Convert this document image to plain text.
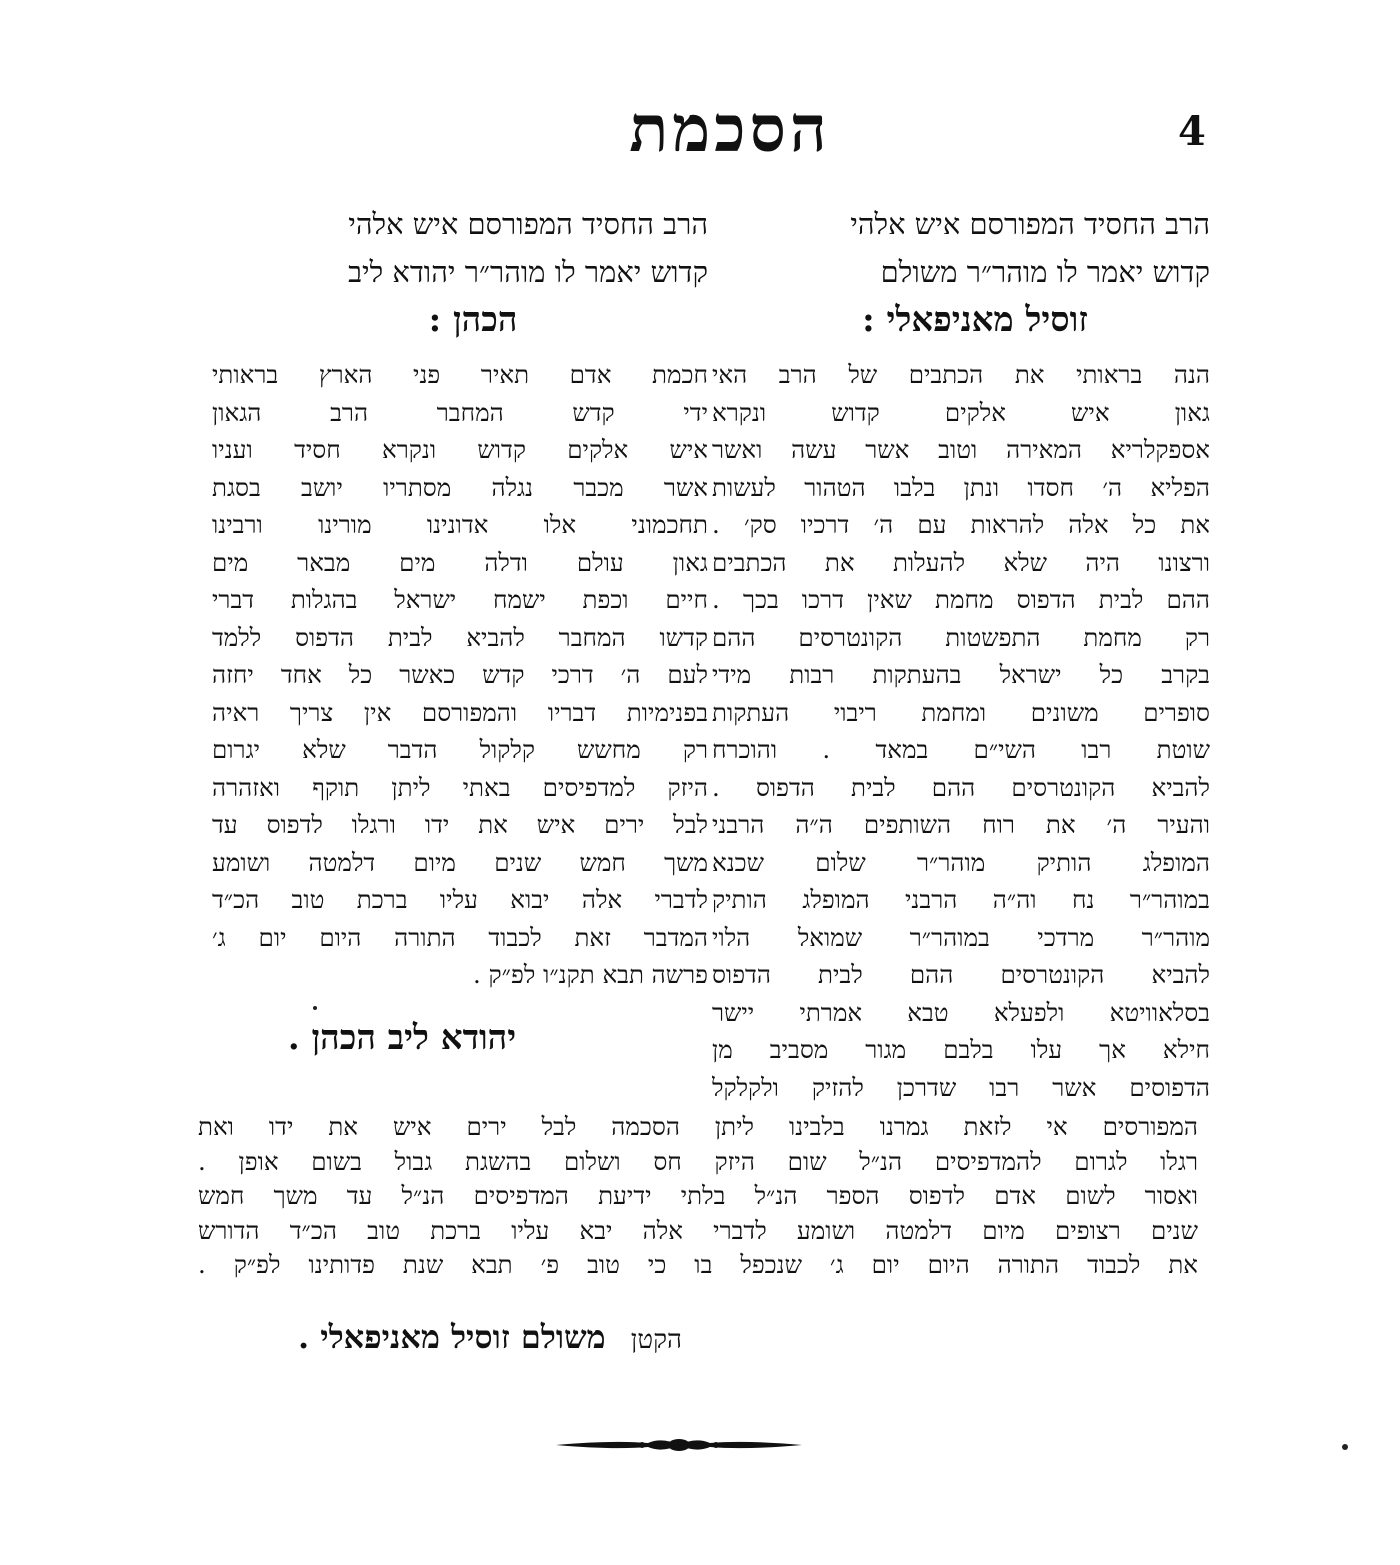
4
הסכמת
הרב החסיד המפורסם איש אלהי
קדוש יאמר לו מוהר״ר משולם
זוסיל מאניפאלי :
הרב החסיד המפורסם איש אלהי
קדוש יאמר לו מוהר״ר יהודא ליב
הכהן :
הנה בראותי את הכתבים של הרב האי
גאון איש אלקים קדוש ונקרא
אספקלריא המאירה וטוב אשר עשה ואשר
הפליא ה׳ חסדו ונתן בלבו הטהור לעשות
את כל אלה להראות עם ה׳ דרכיו סק׳ .
ורצונו היה שלא להעלות את הכתבים
ההם לבית הדפוס מחמת שאין דרכו בכך .
רק מחמת התפשטות הקונטרסים ההם
בקרב כל ישראל בהעתקות רבות מידי
סופרים משונים ומחמת ריבוי העתקות
שוטת רבו השי״ם במאד . והוכרח
להביא הקונטרסים ההם לבית הדפוס .
והעיר ה׳ את רוח השותפים ה״ה הרבני
המופלג הותיק מוהר״ר שלום שכנא
במוהר״ר נח וה״ה הרבני המופלג הותיק
מוהר״ר מרדכי במוהר״ר שמואל הלוי
להביא הקונטרסים ההם לבית הדפוס
בסלאוויטא ולפעלא טבא אמרתי יישר
חילא אך עלו בלבם מגור מסביב מן
הדפוסים אשר רבו שדרכן להזיק ולקלקל
חכמת אדם תאיר פני הארץ בראותי
ידי קדש המחבר הרב הגאון
איש אלקים קדוש ונקרא חסיד ועניו
אשר מכבר נגלה מסתריו יושב בסגת
תחכמוני אלו אדונינו מורינו ורבינו
גאון עולם ודלה מים מבאר מים
חיים וכפת ישמח ישראל בהגלות דברי
קדשו המחבר להביא לבית הדפוס ללמד
לעם ה׳ דרכי קדש כאשר כל אחד יחזה
בפנימיות דבריו והמפורסם אין צריך ראיה
רק מחשש קלקול הדבר שלא יגרום
היזק למדפיסים באתי ליתן תוקף ואזהרה
לבל ירים איש את ידו ורגלו לדפוס עד
משך חמש שנים מיום דלמטה ושומע
לדברי אלה יבוא עליו ברכת טוב הכ״ד
המדבר זאת לכבוד התורה היום יום ג׳
פרשה תבא תקנ״ו לפ״ק .
יהודא ליב הכהן .
המפורסים אי לזאת גמרנו בלבינו ליתן הסכמה לבל ירים איש את ידו ואת
רגלו לגרום להמדפיסים הנ״ל שום היזק חס ושלום בהשגת גבול בשום אופן .
ואסור לשום אדם לדפוס הספר הנ״ל בלתי ידיעת המדפיסים הנ״ל עד משך חמש
שנים רצופים מיום דלמטה ושומע לדברי אלה יבא עליו ברכת טוב הכ״ד הדורש
את לכבוד התורה היום יום ג׳ שנכפל בו כי טוב פ׳ תבא שנת פדותינו לפ״ק .
הקטן משולם זוסיל מאניפאלי .
